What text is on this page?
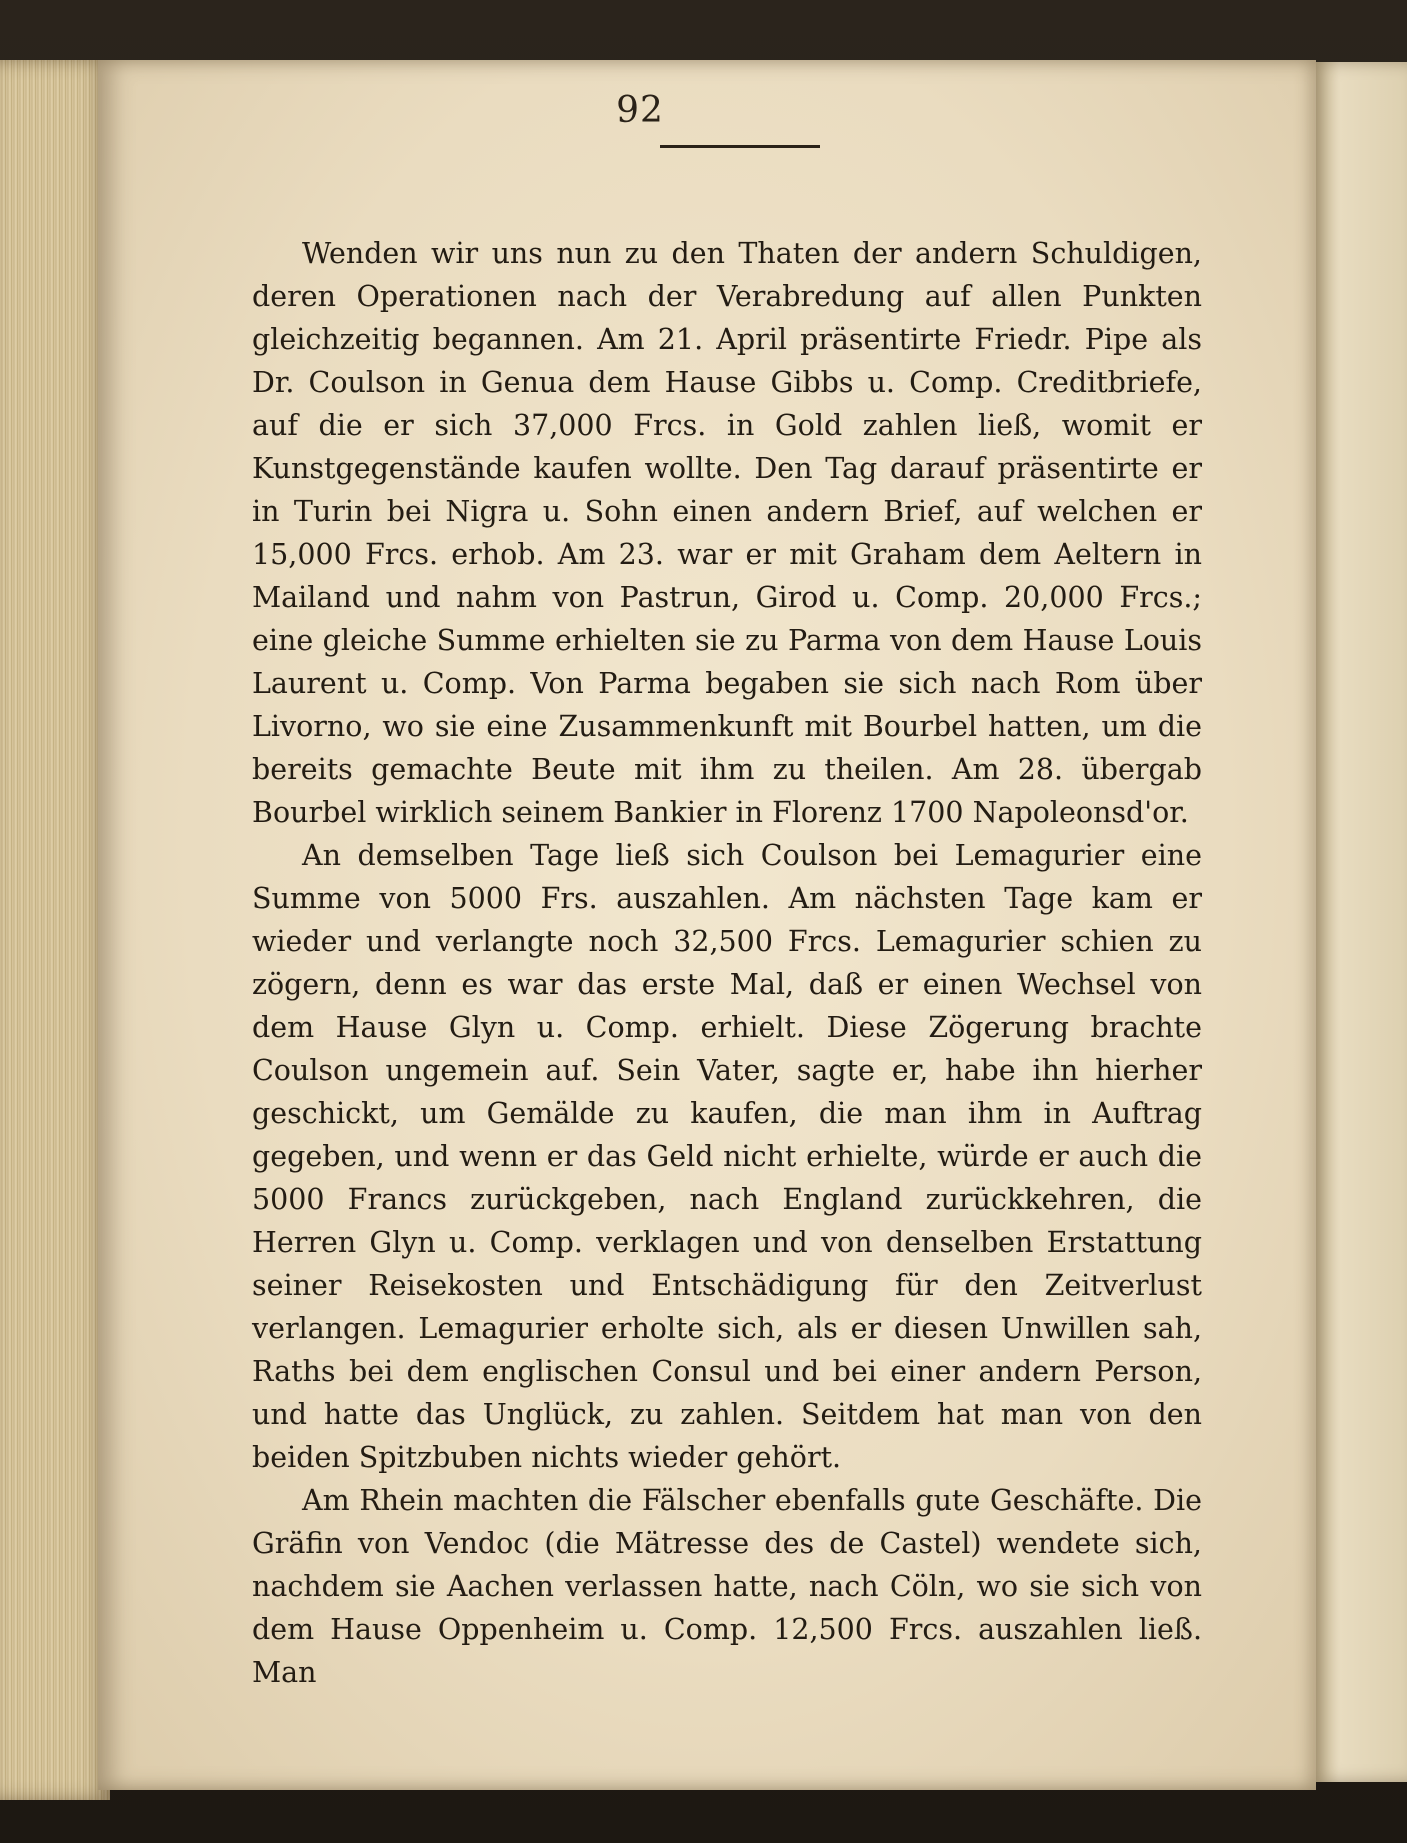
92

Wenden wir uns nun zu den Thaten der andern Schuldigen, deren Operationen nach der Verabredung auf allen Punkten gleichzeitig begannen. Am 21. April präsentirte Friedr. Pipe als Dr. Coulson in Genua dem Hause Gibbs u. Comp. Creditbriefe, auf die er sich 37,000 Frcs. in Gold zahlen ließ, womit er Kunstgegenstände kaufen wollte. Den Tag darauf präsentirte er in Turin bei Nigra u. Sohn einen andern Brief, auf welchen er 15,000 Frcs. erhob. Am 23. war er mit Graham dem Aeltern in Mailand und nahm von Pastrun, Girod u. Comp. 20,000 Frcs.; eine gleiche Summe erhielten sie zu Parma von dem Hause Louis Laurent u. Comp. Von Parma begaben sie sich nach Rom über Livorno, wo sie eine Zusammenkunft mit Bourbel hatten, um die bereits gemachte Beute mit ihm zu theilen. Am 28. übergab Bourbel wirklich seinem Bankier in Florenz 1700 Napoleonsd'or.

An demselben Tage ließ sich Coulson bei Lemagurier eine Summe von 5000 Frs. auszahlen. Am nächsten Tage kam er wieder und verlangte noch 32,500 Frcs. Lemagurier schien zu zögern, denn es war das erste Mal, daß er einen Wechsel von dem Hause Glyn u. Comp. erhielt. Diese Zögerung brachte Coulson ungemein auf. Sein Vater, sagte er, habe ihn hierher geschickt, um Gemälde zu kaufen, die man ihm in Auftrag gegeben, und wenn er das Geld nicht erhielte, würde er auch die 5000 Francs zurückgeben, nach England zurückkehren, die Herren Glyn u. Comp. verklagen und von denselben Erstattung seiner Reisekosten und Entschädigung für den Zeitverlust verlangen. Lemagurier erholte sich, als er diesen Unwillen sah, Raths bei dem englischen Consul und bei einer andern Person, und hatte das Unglück, zu zahlen. Seitdem hat man von den beiden Spitzbuben nichts wieder gehört.

Am Rhein machten die Fälscher ebenfalls gute Geschäfte. Die Gräfin von Vendoc (die Mätresse des de Castel) wendete sich, nachdem sie Aachen verlassen hatte, nach Cöln, wo sie sich von dem Hause Oppenheim u. Comp. 12,500 Frcs. auszahlen ließ. Man
